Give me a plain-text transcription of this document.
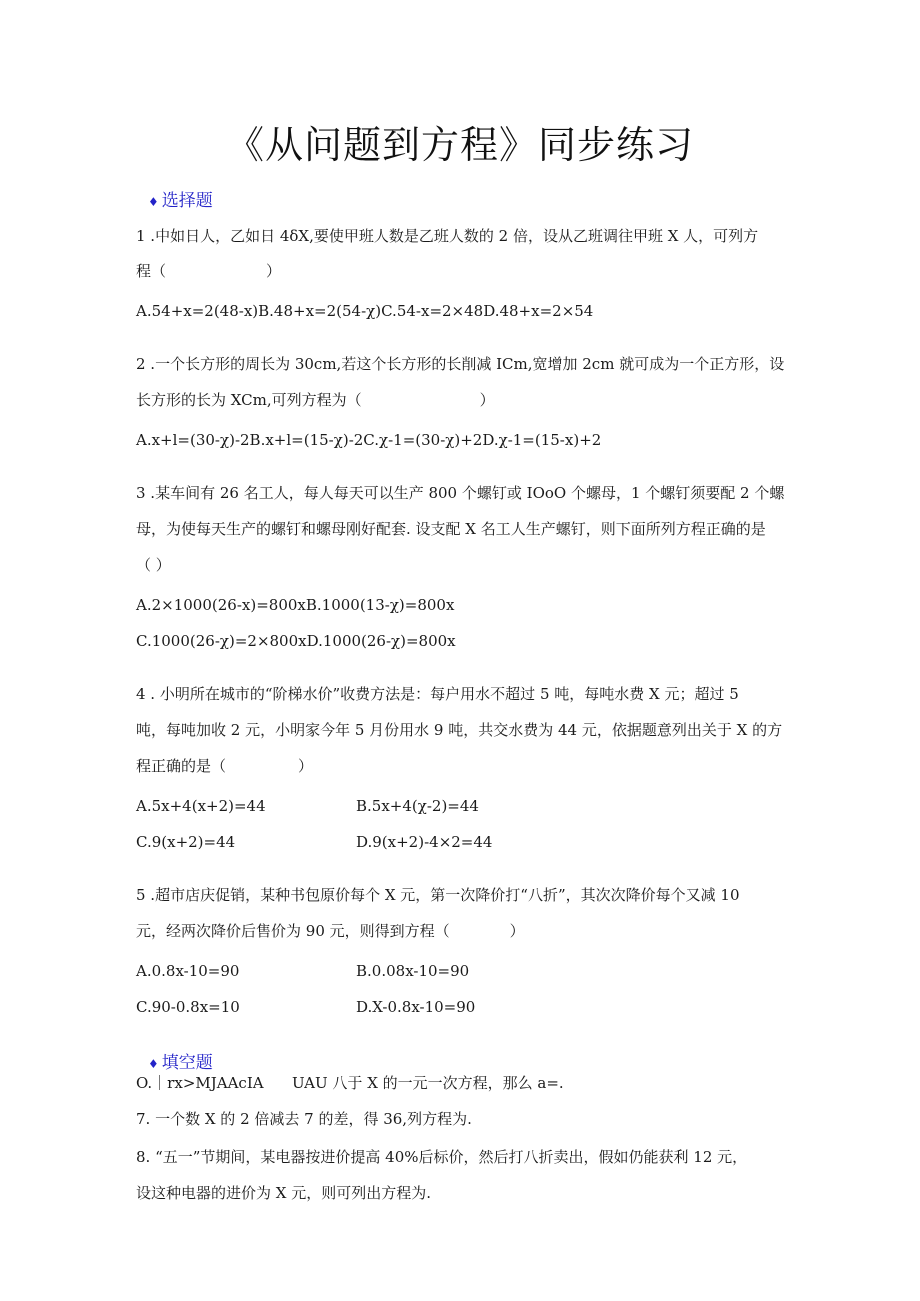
《从问题到方程》同步练习
♦ 选择题
1 .中如日人，乙如日 4δX,要使甲班人数是乙班人数的 2 倍，设从乙班调往甲班 X 人，可列方
程（	）
A.54+x=2(48-x)B.48+x=2(54-χ)C.54-x=2×48D.48+x=2×54
2 .一个长方形的周长为 30cm,若这个长方形的长削减 ICm,宽增加 2cm 就可成为一个正方形，设
长方形的长为 XCm,可列方程为（	）
A.x+l=(30-χ)-2B.x+l=(15-χ)-2C.χ-1=(30-χ)+2D.χ-1=(15-x)+2
3 .某车间有 26 名工人，每人每天可以生产 800 个螺钉或 IOoO 个螺母，1 个螺钉须要配 2 个螺
母，为使每天生产的螺钉和螺母刚好配套. 设支配 X 名工人生产螺钉，则下面所列方程正确的是
（ ）
A.2×1000(26-x)=800xB.1000(13-χ)=800x
C.1000(26-χ)=2×800xD.1000(26-χ)=800x
4 . 小明所在城市的“阶梯水价”收费方法是：每户用水不超过 5 吨，每吨水费 X 元；超过 5
吨，每吨加收 2 元，小明家今年 5 月份用水 9 吨，共交水费为 44 元，依据题意列出关于 X 的方
程正确的是（	）
A.5x+4(x+2)=44	B.5x+4(χ-2)=44
C.9(x+2)=44	D.9(x+2)-4×2=44
5 .超市店庆促销，某种书包原价每个 X 元，第一次降价打“八折”，其次次降价每个又减 10
元，经两次降价后售价为 90 元，则得到方程（	）
A.0.8x-10=90	B.0.08x-10=90
C.90-0.8x=10	D.X-0.8x-10=90
♦ 填空题
O.｜rx>MJAAcIA UAU 八于 X 的一元一次方程，那么 a=.
7. 一个数 X 的 2 倍减去 7 的差，得 36,列方程为.
8. “五一”节期间，某电器按进价提高 40%后标价，然后打八折卖出，假如仍能获利 12 元，
设这种电器的进价为 X 元，则可列出方程为.
